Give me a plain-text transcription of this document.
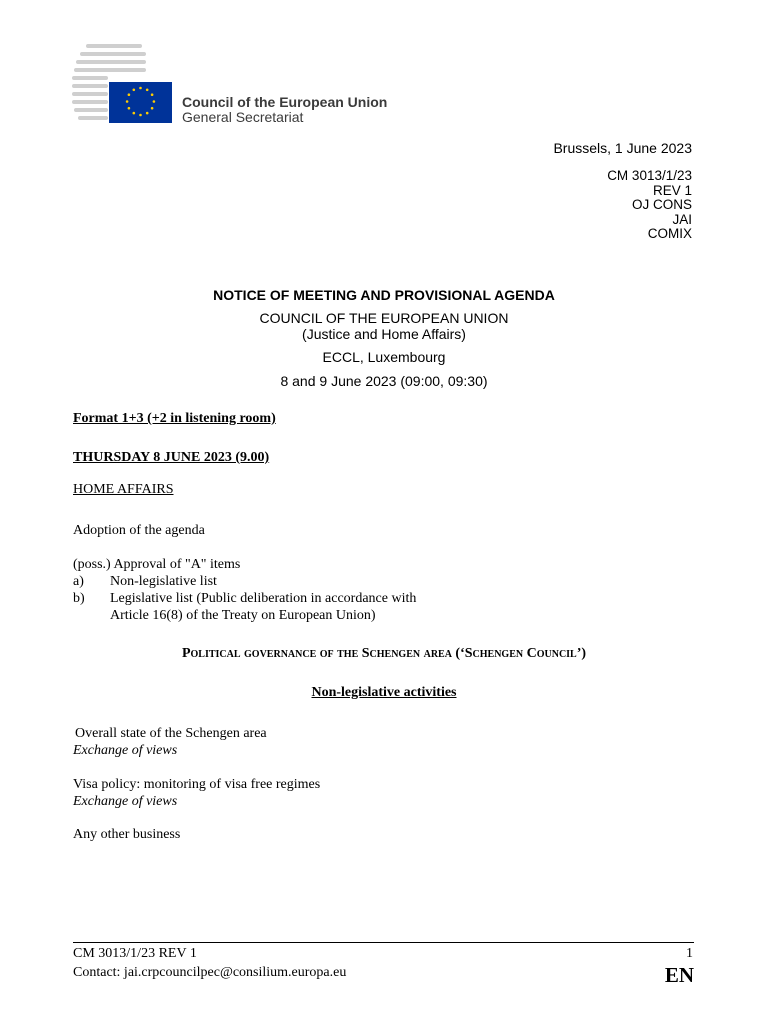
Council of the European Union
General Secretariat
Brussels, 1 June 2023
CM 3013/1/23
REV 1
OJ CONS
JAI
COMIX
NOTICE OF MEETING AND PROVISIONAL AGENDA
COUNCIL OF THE EUROPEAN UNION
(Justice and Home Affairs)
ECCL, Luxembourg
8 and 9 June 2023 (09:00, 09:30)
Format 1+3 (+2 in listening room)
THURSDAY 8 JUNE 2023 (9.00)
HOME AFFAIRS
Adoption of the agenda
(poss.) Approval of "A" items
a) Non-legislative list
b) Legislative list (Public deliberation in accordance with
Article 16(8) of the Treaty on European Union)
Political governance of the Schengen area (‘Schengen Council’)
Non-legislative activities
Overall state of the Schengen area
Exchange of views
Visa policy: monitoring of visa free regimes
Exchange of views
Any other business
CM 3013/1/23 REV 1
Contact: jai.crpcouncilpec@consilium.europa.eu
1
EN
